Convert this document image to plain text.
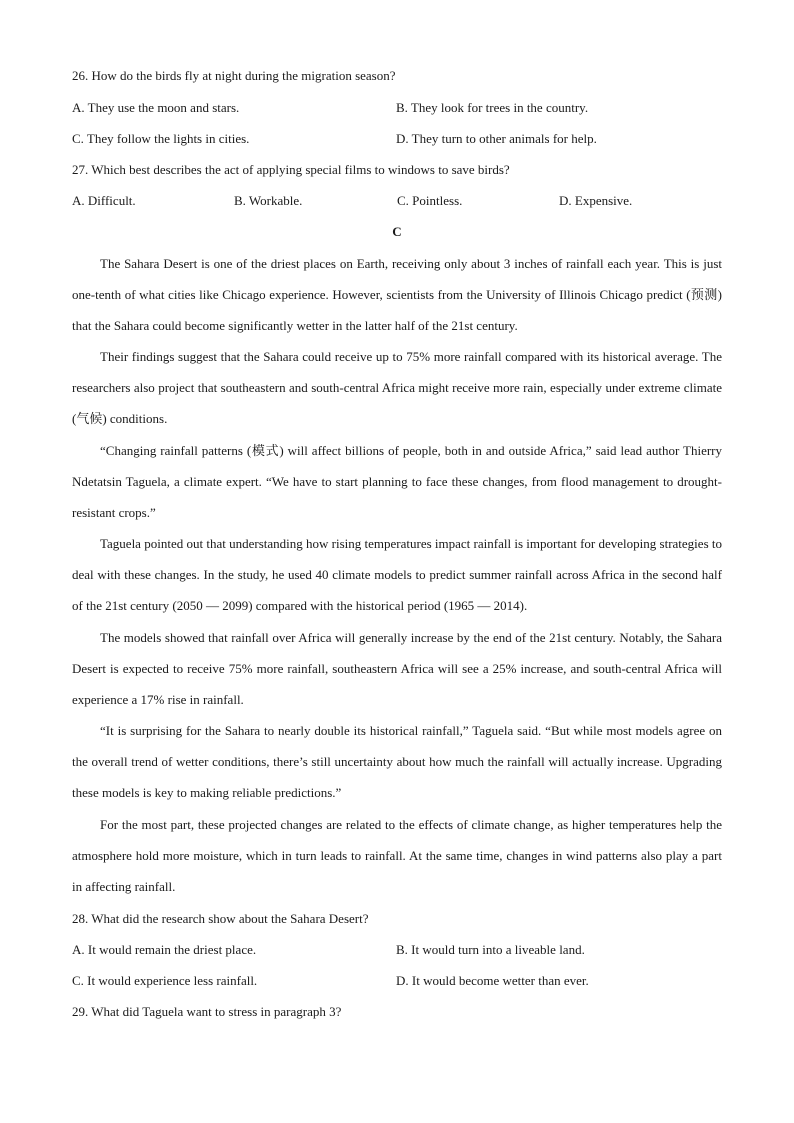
26. How do the birds fly at night during the migration season?
A. They use the moon and stars.	B. They look for trees in the country.
C. They follow the lights in cities.	D. They turn to other animals for help.
27. Which best describes the act of applying special films to windows to save birds?
A. Difficult.	B. Workable.	C. Pointless.	D. Expensive.
C
The Sahara Desert is one of the driest places on Earth, receiving only about 3 inches of rainfall each year. This is just one-tenth of what cities like Chicago experience. However, scientists from the University of Illinois Chicago predict (预测) that the Sahara could become significantly wetter in the latter half of the 21st century.
Their findings suggest that the Sahara could receive up to 75% more rainfall compared with its historical average. The researchers also project that southeastern and south-central Africa might receive more rain, especially under extreme climate (气候) conditions.
“Changing rainfall patterns (模式) will affect billions of people, both in and outside Africa,” said lead author Thierry Ndetatsin Taguela, a climate expert. “We have to start planning to face these changes, from flood management to drought-resistant crops.”
Taguela pointed out that understanding how rising temperatures impact rainfall is important for developing strategies to deal with these changes. In the study, he used 40 climate models to predict summer rainfall across Africa in the second half of the 21st century (2050 — 2099) compared with the historical period (1965 — 2014).
The models showed that rainfall over Africa will generally increase by the end of the 21st century. Notably, the Sahara Desert is expected to receive 75% more rainfall, southeastern Africa will see a 25% increase, and south-central Africa will experience a 17% rise in rainfall.
“It is surprising for the Sahara to nearly double its historical rainfall,” Taguela said. “But while most models agree on the overall trend of wetter conditions, there’s still uncertainty about how much the rainfall will actually increase. Upgrading these models is key to making reliable predictions.”
For the most part, these projected changes are related to the effects of climate change, as higher temperatures help the atmosphere hold more moisture, which in turn leads to rainfall. At the same time, changes in wind patterns also play a part in affecting rainfall.
28. What did the research show about the Sahara Desert?
A. It would remain the driest place.	B. It would turn into a liveable land.
C. It would experience less rainfall.	D. It would become wetter than ever.
29. What did Taguela want to stress in paragraph 3?
